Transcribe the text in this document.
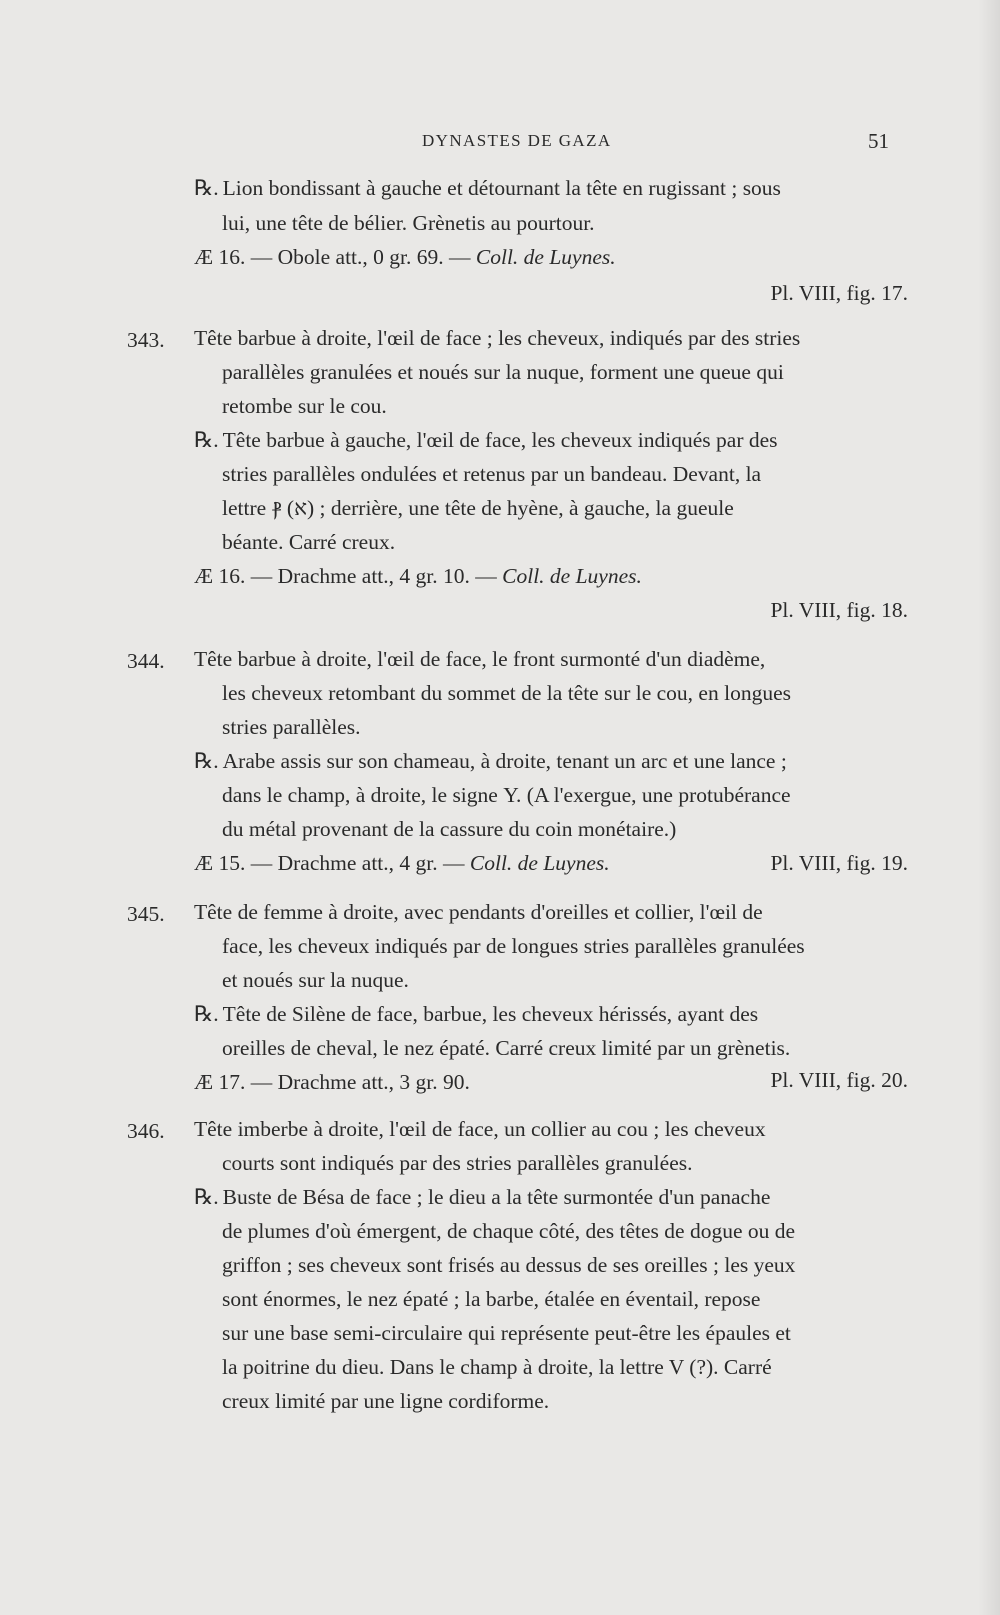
DYNASTES DE GAZA	51
℞. Lion bondissant à gauche et détournant la tête en rugissant ; sous
lui, une tête de bélier. Grènetis au pourtour.
Æ 16. — Obole att., 0 gr. 69. — Coll. de Luynes.
Pl. VIII, fig. 17.
343. Tête barbue à droite, l'œil de face ; les cheveux, indiqués par des stries
parallèles granulées et noués sur la nuque, forment une queue qui
retombe sur le cou.
℞. Tête barbue à gauche, l'œil de face, les cheveux indiqués par des
stries parallèles ondulées et retenus par un bandeau. Devant, la
lettre ⳁ (א) ; derrière, une tête de hyène, à gauche, la gueule
béante. Carré creux.
Æ 16. — Drachme att., 4 gr. 10. — Coll. de Luynes.
Pl. VIII, fig. 18.
344. Tête barbue à droite, l'œil de face, le front surmonté d'un diadème,
les cheveux retombant du sommet de la tête sur le cou, en longues
stries parallèles.
℞. Arabe assis sur son chameau, à droite, tenant un arc et une lance ;
dans le champ, à droite, le signe Υ. (A l'exergue, une protubérance
du métal provenant de la cassure du coin monétaire.)
Æ 15. — Drachme att., 4 gr. — Coll. de Luynes.	Pl. VIII, fig. 19.
345. Tête de femme à droite, avec pendants d'oreilles et collier, l'œil de
face, les cheveux indiqués par de longues stries parallèles granulées
et noués sur la nuque.
℞. Tête de Silène de face, barbue, les cheveux hérissés, ayant des
oreilles de cheval, le nez épaté. Carré creux limité par un grènetis.
Æ 17. — Drachme att., 3 gr. 90.	Pl. VIII, fig. 20.
346. Tête imberbe à droite, l'œil de face, un collier au cou ; les cheveux
courts sont indiqués par des stries parallèles granulées.
℞. Buste de Bésa de face ; le dieu a la tête surmontée d'un panache
de plumes d'où émergent, de chaque côté, des têtes de dogue ou de
griffon ; ses cheveux sont frisés au dessus de ses oreilles ; les yeux
sont énormes, le nez épaté ; la barbe, étalée en éventail, repose
sur une base semi-circulaire qui représente peut-être les épaules et
la poitrine du dieu. Dans le champ à droite, la lettre V (?). Carré
creux limité par une ligne cordiforme.
